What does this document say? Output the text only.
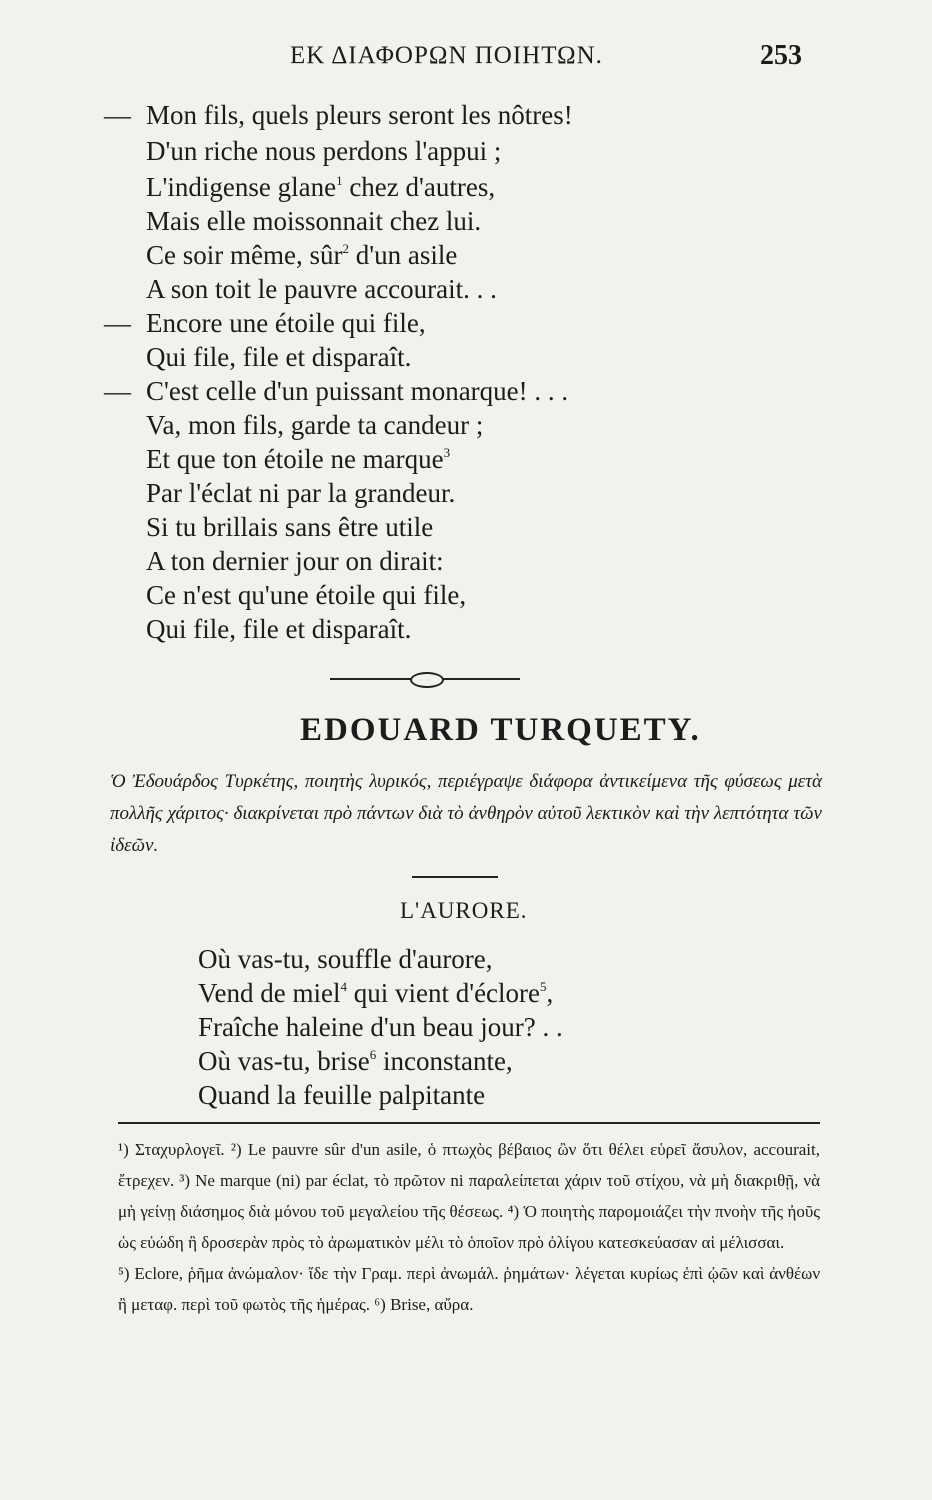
ΕΚ ΔΙΑΦΟΡΩΝ ΠΟΙΗΤΩΝ.	253
— Mon fils, quels pleurs seront les nôtres!
D'un riche nous perdons l'appui ;
L'indigense glane$^1$ chez d'autres,
Mais elle moissonnait chez lui.
Ce soir même, sûr$^2$ d'un asile
A son toit le pauvre accourait. . .
— Encore une étoile qui file,
Qui file, file et disparaît.
— C'est celle d'un puissant monarque! . . .
Va, mon fils, garde ta candeur ;
Et que ton étoile ne marque$^3$
Par l'éclat ni par la grandeur.
Si tu brillais sans être utile
A ton dernier jour on dirait:
Ce n'est qu'une étoile qui file,
Qui file, file et disparaît.
EDOUARD TURQUETY.
Ὁ Ἐδουάρδος Τυρκέτης, ποιητὴς λυρικός, περιέγραψε διάφορα ἀντικείμενα τῆς φύσεως μετὰ πολλῆς χάριτος· διακρίνεται πρὸ πάντων διὰ τὸ ἀνθηρὸν αὐτοῦ λεκτικὸν καὶ τὴν λεπτότητα τῶν ἰδεῶν.
L'AURORE.
Où vas-tu, souffle d'aurore,
Vend de miel$^4$ qui vient d'éclore$^5$,
Fraîche haleine d'un beau jour? . .
Où vas-tu, brise$^6$ inconstante,
Quand la feuille palpitante

¹) Σταχυρλογεῖ. ²) Le pauvre sûr d'un asile, ὁ πτωχὸς βέβαιος ὢν ὅτι θέλει εὑρεῖ ἄσυλον, accourait, ἔτρεχεν. ³) Ne marque (ni) par éclat, τὸ πρῶτον ni παραλείπεται χάριν τοῦ στίχου, νὰ μὴ διακριθῇ, νὰ μὴ γείνῃ διάσημος διὰ μόνου τοῦ μεγαλείου τῆς θέσεως. ⁴) Ὁ ποιητὴς παρομοιάζει τὴν πνοὴν τῆς ἠοῦς ὡς εὐώδη ἢ δροσερὰν πρὸς τὸ ἀρωματικὸν μέλι τὸ ὁποῖον πρὸ ὀλίγου κατεσκεύασαν αἱ μέλισσαι.

⁵) Eclore, ῥῆμα ἀνώμαλον· ἴδε τὴν Γραμ. περὶ ἀνωμάλ. ῥημάτων· λέγεται κυρίως ἐπὶ ᾠῶν καὶ ἀνθέων ἢ μεταφ. περὶ τοῦ φωτὸς τῆς ἡμέρας. ⁶) Brise, αὔρα.
